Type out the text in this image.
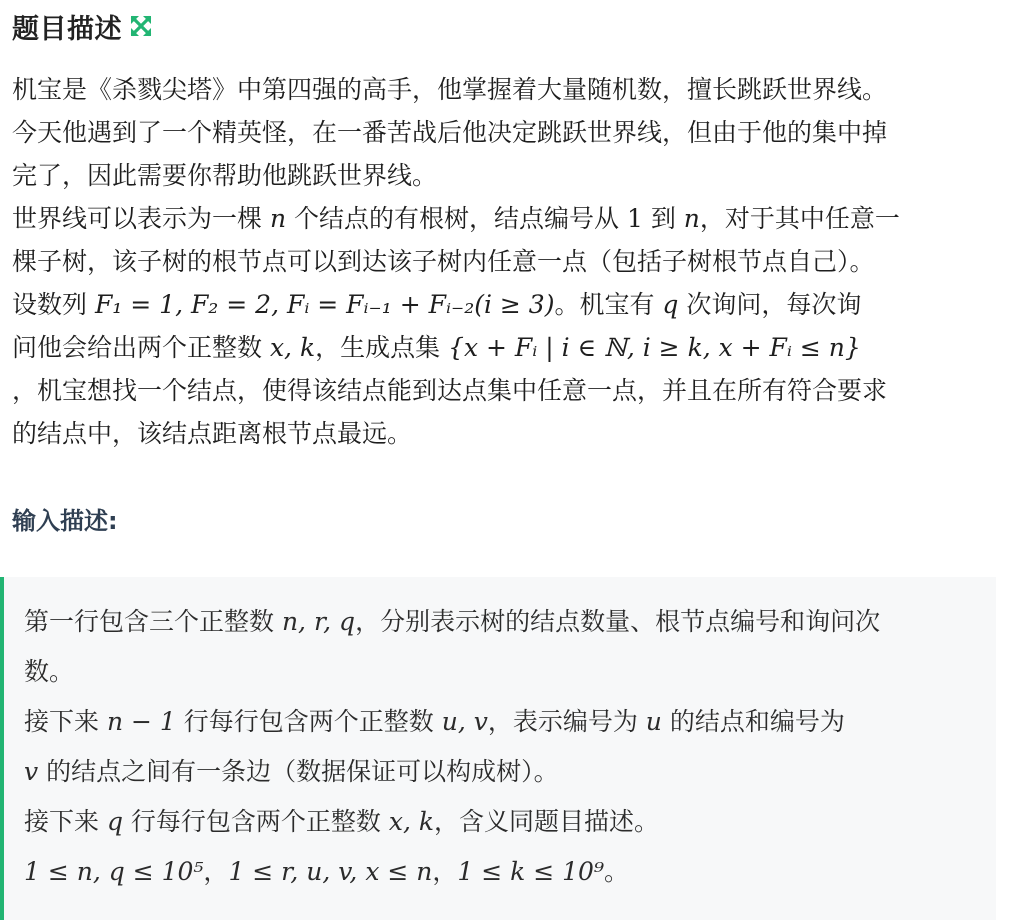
题目描述

机宝是《杀戮尖塔》中第四强的高手，他掌握着大量随机数，擅长跳跃世界线。

今天他遇到了一个精英怪，在一番苦战后他决定跳跃世界线，但由于他的集中掉

完了，因此需要你帮助他跳跃世界线。

世界线可以表示为一棵 n 个结点的有根树，结点编号从 1 到 n，对于其中任意一

棵子树，该子树的根节点可以到达该子树内任意一点（包括子树根节点自己）。

设数列 F₁ = 1, F₂ = 2, Fᵢ = Fᵢ₋₁ + Fᵢ₋₂(i ≥ 3)。机宝有 q 次询问，每次询

问他会给出两个正整数 x, k，生成点集 {x + Fᵢ | i ∈ ℕ, i ≥ k, x + Fᵢ ≤ n}

，机宝想找一个结点，使得该结点能到达点集中任意一点，并且在所有符合要求

的结点中，该结点距离根节点最远。

输入描述:

第一行包含三个正整数 n, r, q，分别表示树的结点数量、根节点编号和询问次

数。

接下来 n − 1 行每行包含两个正整数 u, v，表示编号为 u 的结点和编号为

v 的结点之间有一条边（数据保证可以构成树）。

接下来 q 行每行包含两个正整数 x, k，含义同题目描述。

1 ≤ n, q ≤ 10⁵，1 ≤ r, u, v, x ≤ n，1 ≤ k ≤ 10⁹。
